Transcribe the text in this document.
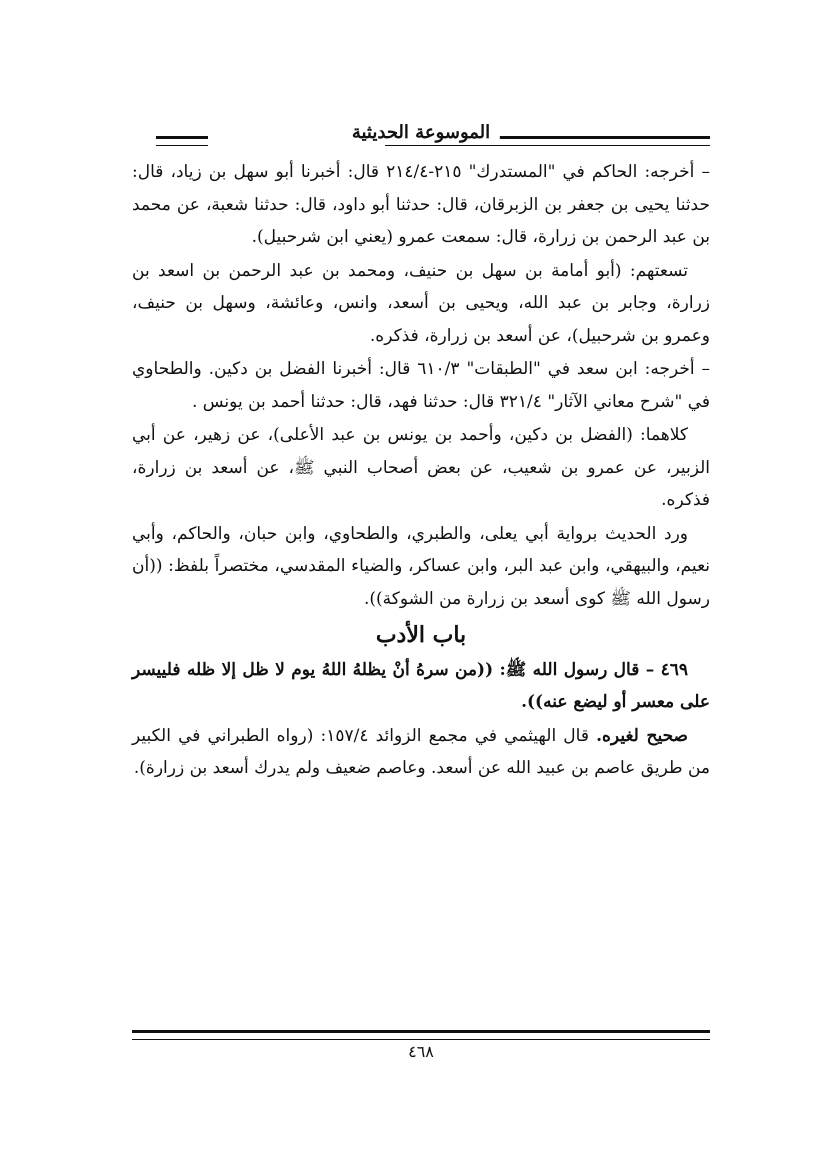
الموسوعة الحديثية

– أخرجه: الحاكم في "المستدرك" ٢١٥-٢١٤/٤ قال: أخبرنا أبو سهل بن زياد، قال: حدثنا يحيى بن جعفر بن الزبرقان، قال: حدثنا أبو داود، قال: حدثنا شعبة، عن محمد بن عبد الرحمن بن زرارة، قال: سمعت عمرو (يعني ابن شرحبيل).

تسعتهم: (أبو أمامة بن سهل بن حنيف، ومحمد بن عبد الرحمن بن اسعد بن زرارة، وجابر بن عبد الله، ويحيى بن أسعد، وانس، وعائشة، وسهل بن حنيف، وعمرو بن شرحبيل)، عن أسعد بن زرارة، فذكره.

– أخرجه: ابن سعد في "الطبقات" ٦١٠/٣ قال: أخبرنا الفضل بن دكين. والطحاوي في "شرح معاني الآثار" ٣٢١/٤ قال: حدثنا فهد، قال: حدثنا أحمد بن يونس .

كلاهما: (الفضل بن دكين، وأحمد بن يونس بن عبد الأعلى)، عن زهير، عن أبي الزبير، عن عمرو بن شعيب، عن بعض أصحاب النبي ﷺ، عن أسعد بن زرارة، فذكره.

ورد الحديث برواية أبي يعلى، والطبري، والطحاوي، وابن حبان، والحاكم، وأبي نعيم، والبيهقي، وابن عبد البر، وابن عساكر، والضياء المقدسي، مختصراً بلفظ: ((أن رسول الله ﷺ كوى أسعد بن زرارة من الشوكة)).

باب الأدب

٤٦٩ – قال رسول الله ﷺ: ((من سرهُ أنْ يظلهُ اللهُ يوم لا ظل إلا ظله فلييسر على معسر أو ليضع عنه)).

صحيح لغيره. قال الهيثمي في مجمع الزوائد ١٥٧/٤: (رواه الطبراني في الكبير من طريق عاصم بن عبيد الله عن أسعد. وعاصم ضعيف ولم يدرك أسعد بن زرارة).

٤٦٨
